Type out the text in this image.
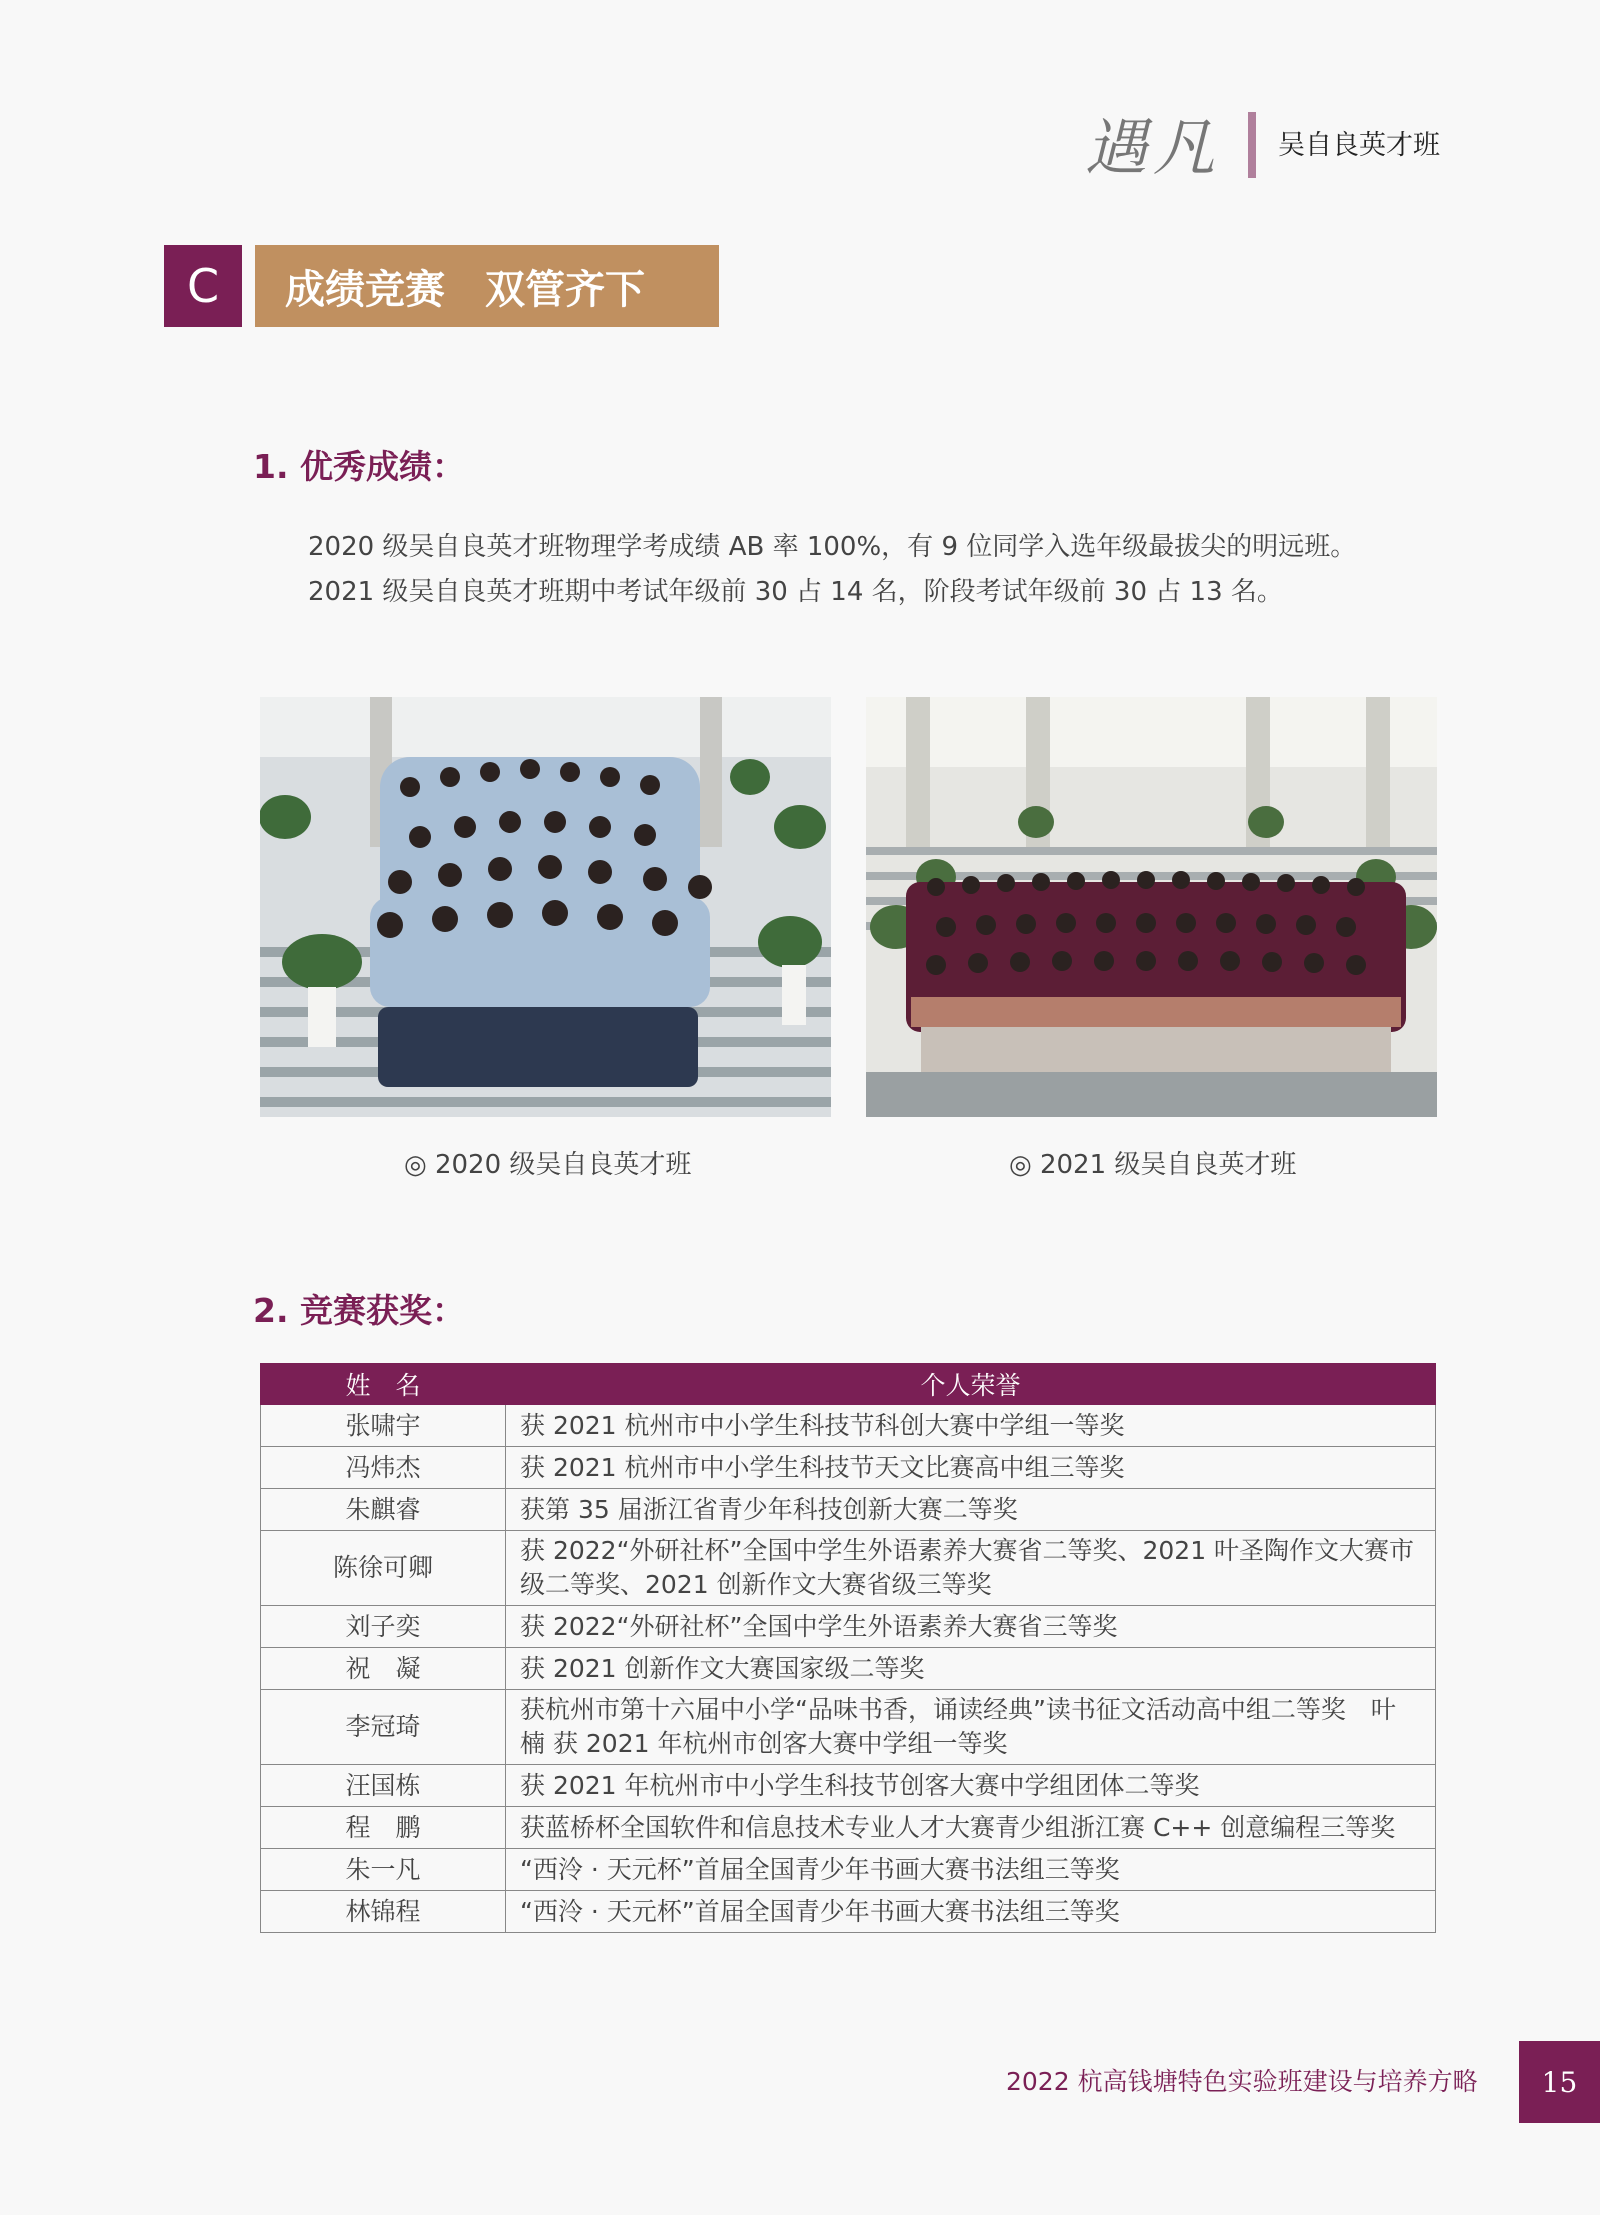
遇凡 吴自良英才班
C	成绩竞赛　双管齐下
1. 优秀成绩：
2020 级吴自良英才班物理学考成绩 AB 率 100%，有 9 位同学入选年级最拔尖的明远班。
2021 级吴自良英才班期中考试年级前 30 占 14 名，阶段考试年级前 30 占 13 名。
◎ 2020 级吴自良英才班	◎ 2021 级吴自良英才班
2. 竞赛获奖：
姓　名	个人荣誉
张啸宇	获 2021 杭州市中小学生科技节科创大赛中学组一等奖
冯炜杰	获 2021 杭州市中小学生科技节天文比赛高中组三等奖
朱麒睿	获第 35 届浙江省青少年科技创新大赛二等奖
陈徐可卿	获 2022“外研社杯”全国中学生外语素养大赛省二等奖、2021 叶圣陶作文大赛市级二等奖、2021 创新作文大赛省级三等奖
刘子奕	获 2022“外研社杯”全国中学生外语素养大赛省三等奖
祝　凝	获 2021 创新作文大赛国家级二等奖
李冠琦	获杭州市第十六届中小学“品味书香，诵读经典”读书征文活动高中组二等奖　叶　楠 获 2021 年杭州市创客大赛中学组一等奖
汪国栋	获 2021 年杭州市中小学生科技节创客大赛中学组团体二等奖
程　鹏	获蓝桥杯全国软件和信息技术专业人才大赛青少组浙江赛 C++ 创意编程三等奖
朱一凡	“西泠 · 天元杯”首届全国青少年书画大赛书法组三等奖
林锦程	“西泠 · 天元杯”首届全国青少年书画大赛书法组三等奖
2022 杭高钱塘特色实验班建设与培养方略	15
